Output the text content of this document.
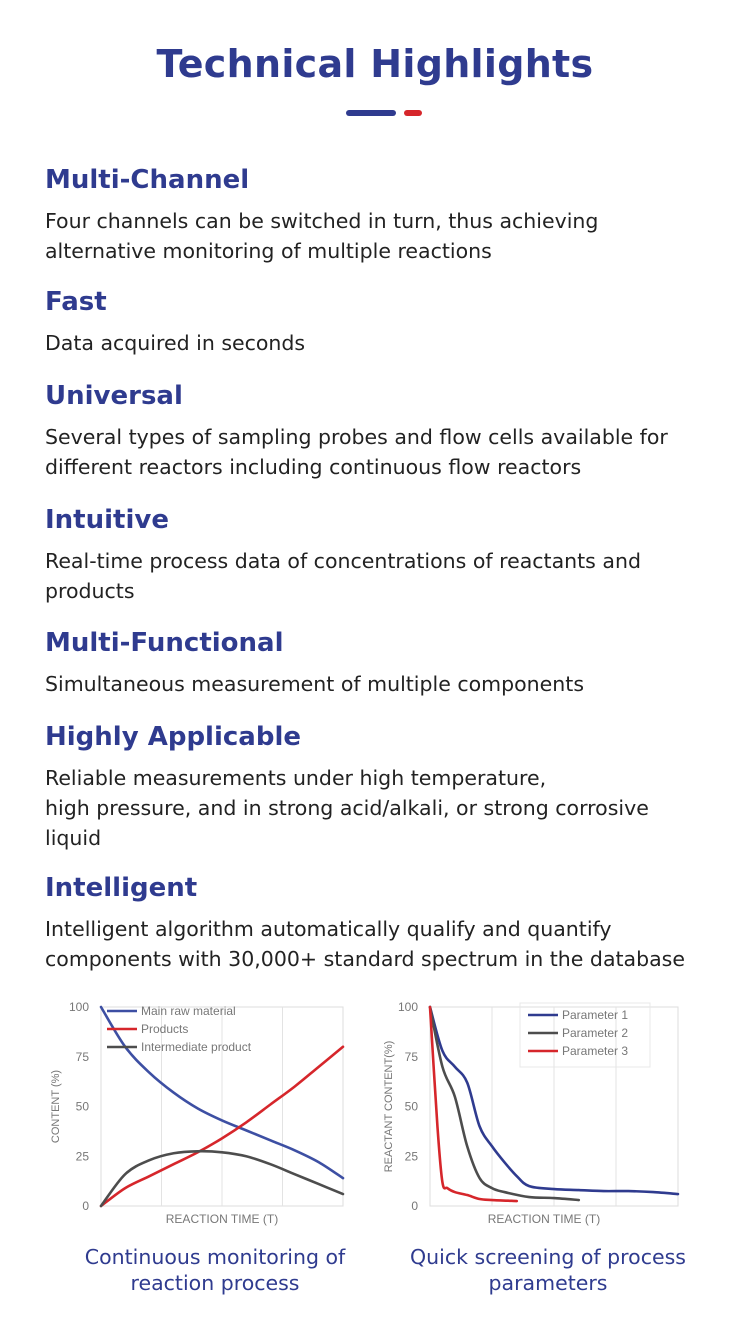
Technical Highlights
Multi-Channel

Four channels can be switched in turn, thus achieving
alternative monitoring of multiple reactions

Fast

Data acquired in seconds

Universal

Several types of sampling probes and flow cells available for
different reactors including continuous flow reactors

Intuitive

Real-time process data of concentrations of reactants and
products

Multi-Functional

Simultaneous measurement of multiple components

Highly Applicable

Reliable measurements under high temperature,
high pressure, and in strong acid/alkali, or strong corrosive
liquid

Intelligent

Intelligent algorithm automatically qualify and quantify
components with 30,000+ standard spectrum in the database

0
25
50
75
100
REACTION TIME (T)
CONTENT (%)
Main raw material
Products
Intermediate product
0
25
50
75
100
REACTION TIME (T)
REACTANT CONTENT(%)
Parameter 1
Parameter 2
Parameter 3
Continuous monitoring of
reaction process
Quick screening of process
parameters
